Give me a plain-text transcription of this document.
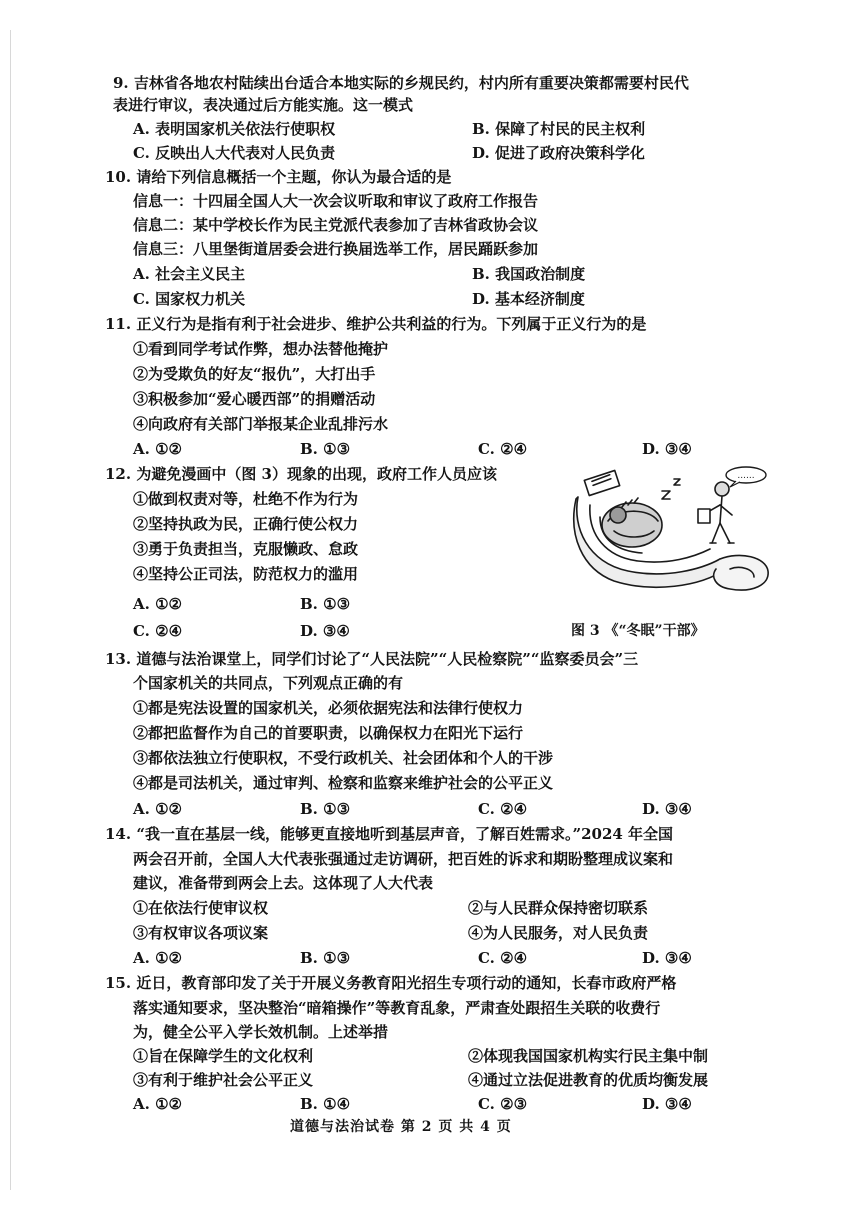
9. 吉林省各地农村陆续出台适合本地实际的乡规民约，村内所有重要决策都需要村民代
表进行审议，表决通过后方能实施。这一模式
A. 表明国家机关依法行使职权	B. 保障了村民的民主权利
C. 反映出人大代表对人民负责	D. 促进了政府决策科学化
10. 请给下列信息概括一个主题，你认为最合适的是
信息一：十四届全国人大一次会议听取和审议了政府工作报告
信息二：某中学校长作为民主党派代表参加了吉林省政协会议
信息三：八里堡街道居委会进行换届选举工作，居民踊跃参加
A. 社会主义民主	B. 我国政治制度
C. 国家权力机关	D. 基本经济制度
11. 正义行为是指有利于社会进步、维护公共利益的行为。下列属于正义行为的是
①看到同学考试作弊，想办法替他掩护
②为受欺负的好友“报仇”，大打出手
③积极参加“爱心暖西部”的捐赠活动
④向政府有关部门举报某企业乱排污水
A. ①②	B. ①③	C. ②④	D. ③④
12. 为避免漫画中（图 3）现象的出现，政府工作人员应该
①做到权责对等，杜绝不作为行为
②坚持执政为民，正确行使公权力
③勇于负责担当，克服懒政、怠政
④坚持公正司法，防范权力的滥用
A. ①②	B. ①③
C. ②④	D. ③④
......
图 3 《“冬眠”干部》
13. 道德与法治课堂上，同学们讨论了“人民法院”“人民检察院”“监察委员会”三
个国家机关的共同点，下列观点正确的有
①都是宪法设置的国家机关，必须依据宪法和法律行使权力
②都把监督作为自己的首要职责，以确保权力在阳光下运行
③都依法独立行使职权，不受行政机关、社会团体和个人的干涉
④都是司法机关，通过审判、检察和监察来维护社会的公平正义
A. ①②	B. ①③	C. ②④	D. ③④
14. “我一直在基层一线，能够更直接地听到基层声音，了解百姓需求。”2024 年全国
两会召开前，全国人大代表张强通过走访调研，把百姓的诉求和期盼整理成议案和
建议，准备带到两会上去。这体现了人大代表
①在依法行使审议权	②与人民群众保持密切联系
③有权审议各项议案	④为人民服务，对人民负责
A. ①②	B. ①③	C. ②④	D. ③④
15. 近日，教育部印发了关于开展义务教育阳光招生专项行动的通知，长春市政府严格
落实通知要求，坚决整治“暗箱操作”等教育乱象，严肃查处跟招生关联的收费行
为，健全公平入学长效机制。上述举措
①旨在保障学生的文化权利	②体现我国国家机构实行民主集中制
③有利于维护社会公平正义	④通过立法促进教育的优质均衡发展
A. ①②	B. ①④	C. ②③	D. ③④
道德与法治试卷 第 2 页 共 4 页
